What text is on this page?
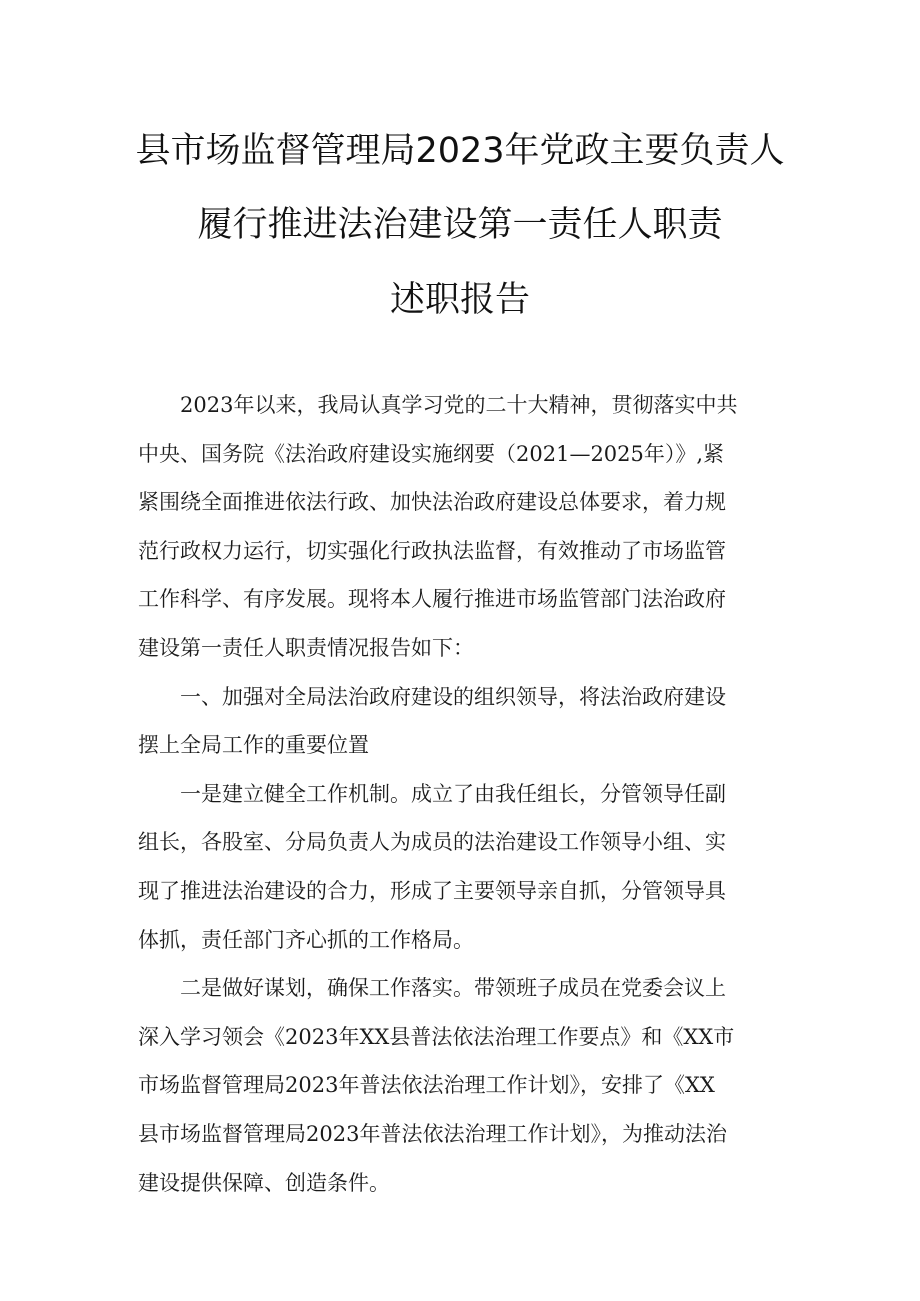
县市场监督管理局2023年党政主要负责人
履行推进法治建设第一责任人职责
述职报告
2023年以来，我局认真学习党的二十大精神，贯彻落实中共
中央、国务院《法治政府建设实施纲要（2021—2025年）》,紧
紧围绕全面推进依法行政、加快法治政府建设总体要求，着力规
范行政权力运行，切实强化行政执法监督，有效推动了市场监管
工作科学、有序发展。现将本人履行推进市场监管部门法治政府
建设第一责任人职责情况报告如下：
一、加强对全局法治政府建设的组织领导，将法治政府建设
摆上全局工作的重要位置
一是建立健全工作机制。成立了由我任组长，分管领导任副
组长，各股室、分局负责人为成员的法治建设工作领导小组、实
现了推进法治建设的合力，形成了主要领导亲自抓，分管领导具
体抓，责任部门齐心抓的工作格局。
二是做好谋划，确保工作落实。带领班子成员在党委会议上
深入学习领会《2023年XX县普法依法治理工作要点》和《XX市
市场监督管理局2023年普法依法治理工作计划》，安排了《XX
县市场监督管理局2023年普法依法治理工作计划》，为推动法治
建设提供保障、创造条件。
